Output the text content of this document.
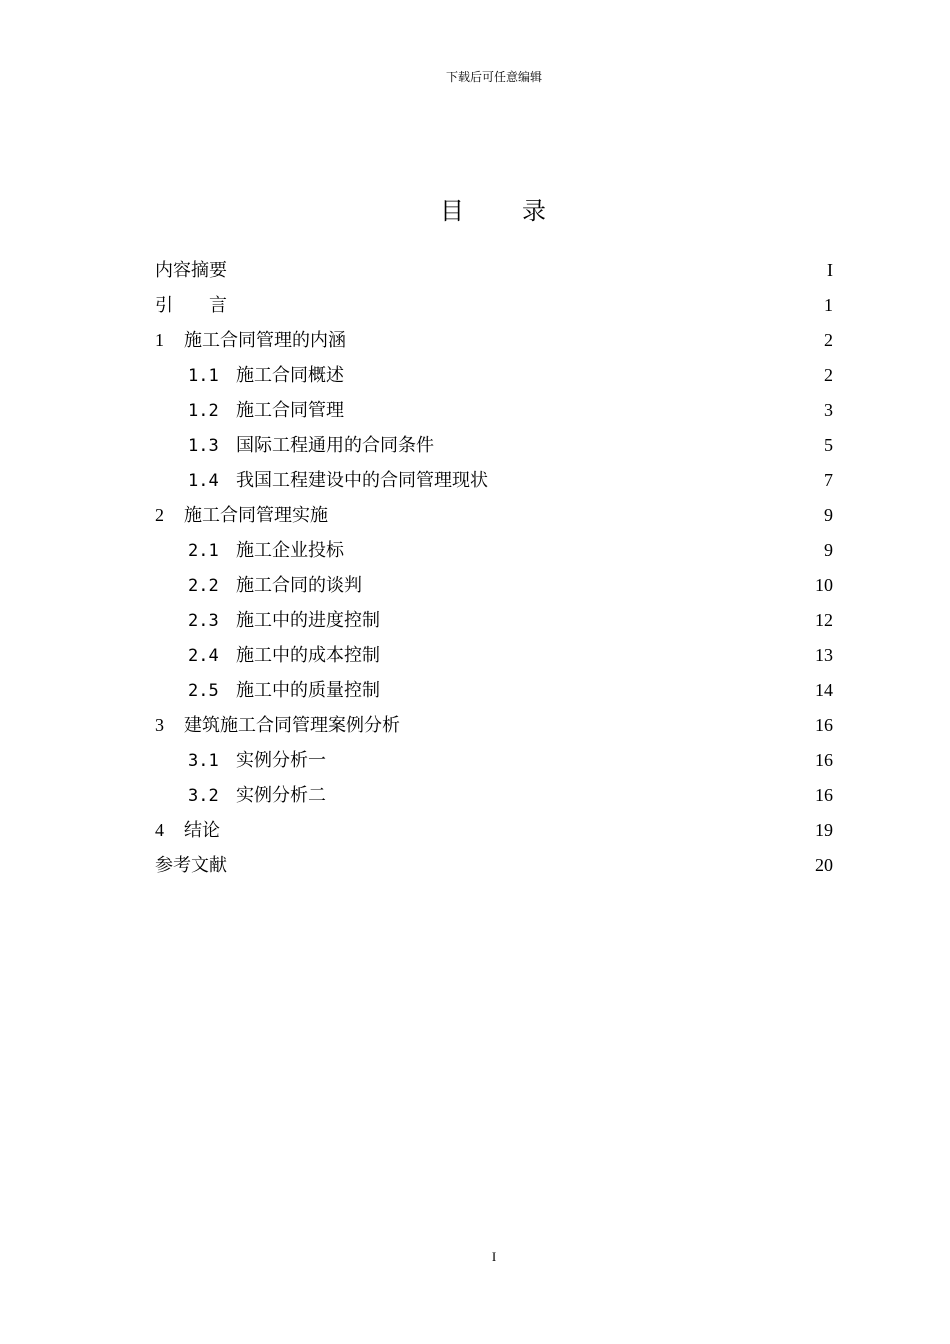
下载后可任意编辑
目 录
内容摘要	I
引　　言	1
1 施工合同管理的内涵	2
1.1 施工合同概述	2
1.2施工合同管理	3
1.3 国际工程通用的合同条件	5
1.4 我国工程建设中的合同管理现状	7
2 施工合同管理实施	9
2.1 施工企业投标	9
2.2 施工合同的谈判	10
2.3 施工中的进度控制	12
2.4 施工中的成本控制	13
2.5 施工中的质量控制	14
3 建筑施工合同管理案例分析	16
3.1 实例分析一	16
3.2 实例分析二	16
4 结论	19
参考文献	20
I
